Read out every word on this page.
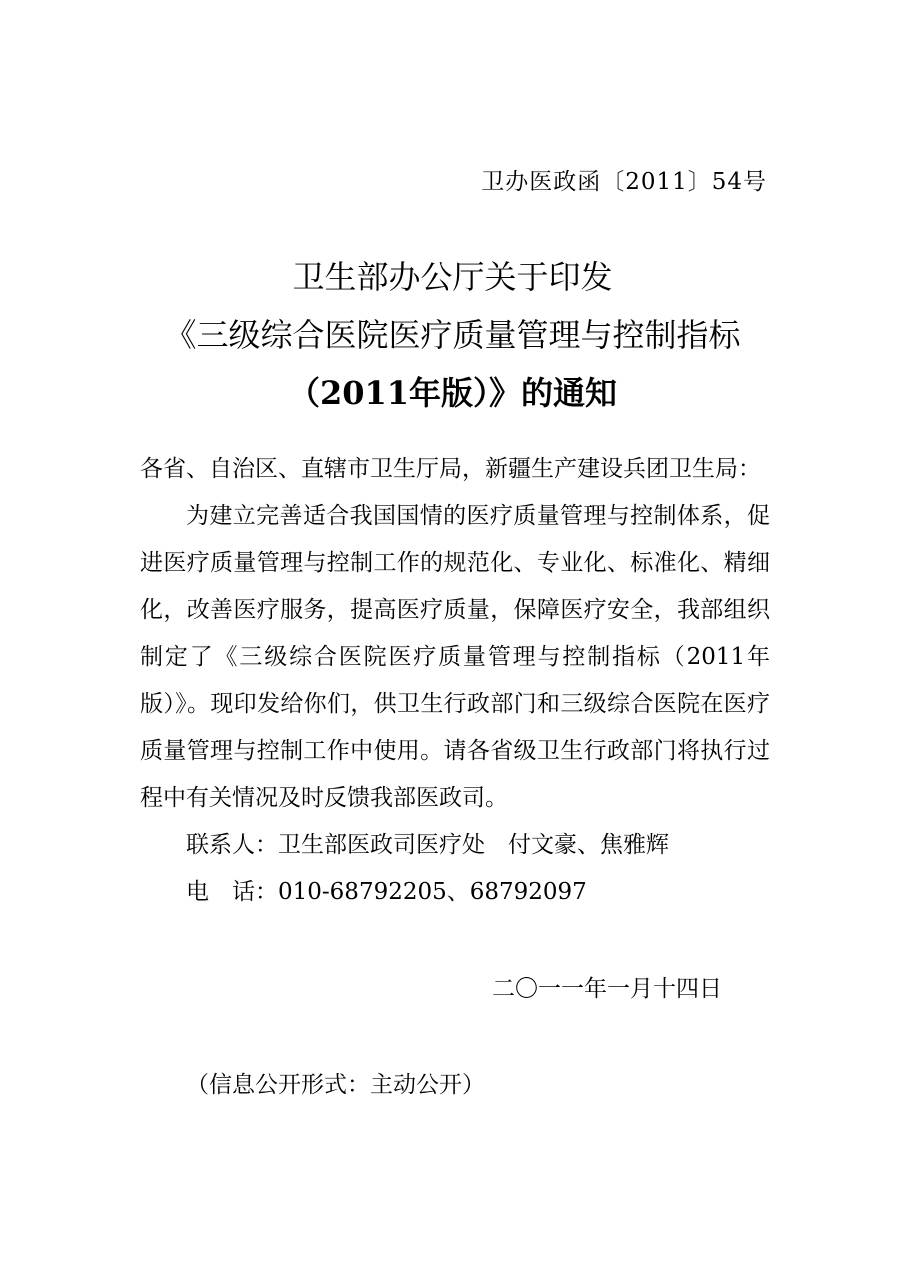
卫办医政函〔2011〕54号
卫生部办公厅关于印发
《三级综合医院医疗质量管理与控制指标
（2011年版）》的通知

各省、自治区、直辖市卫生厅局，新疆生产建设兵团卫生局：

为建立完善适合我国国情的医疗质量管理与控制体系，促进医疗质量管理与控制工作的规范化、专业化、标准化、精细化，改善医疗服务，提高医疗质量，保障医疗安全，我部组织制定了《三级综合医院医疗质量管理与控制指标（2011年版）》。现印发给你们，供卫生行政部门和三级综合医院在医疗质量管理与控制工作中使用。请各省级卫生行政部门将执行过程中有关情况及时反馈我部医政司。

联系人：卫生部医政司医疗处　付文豪、焦雅辉

电　话：010-68792205、68792097

二〇一一年一月十四日
（信息公开形式：主动公开）
